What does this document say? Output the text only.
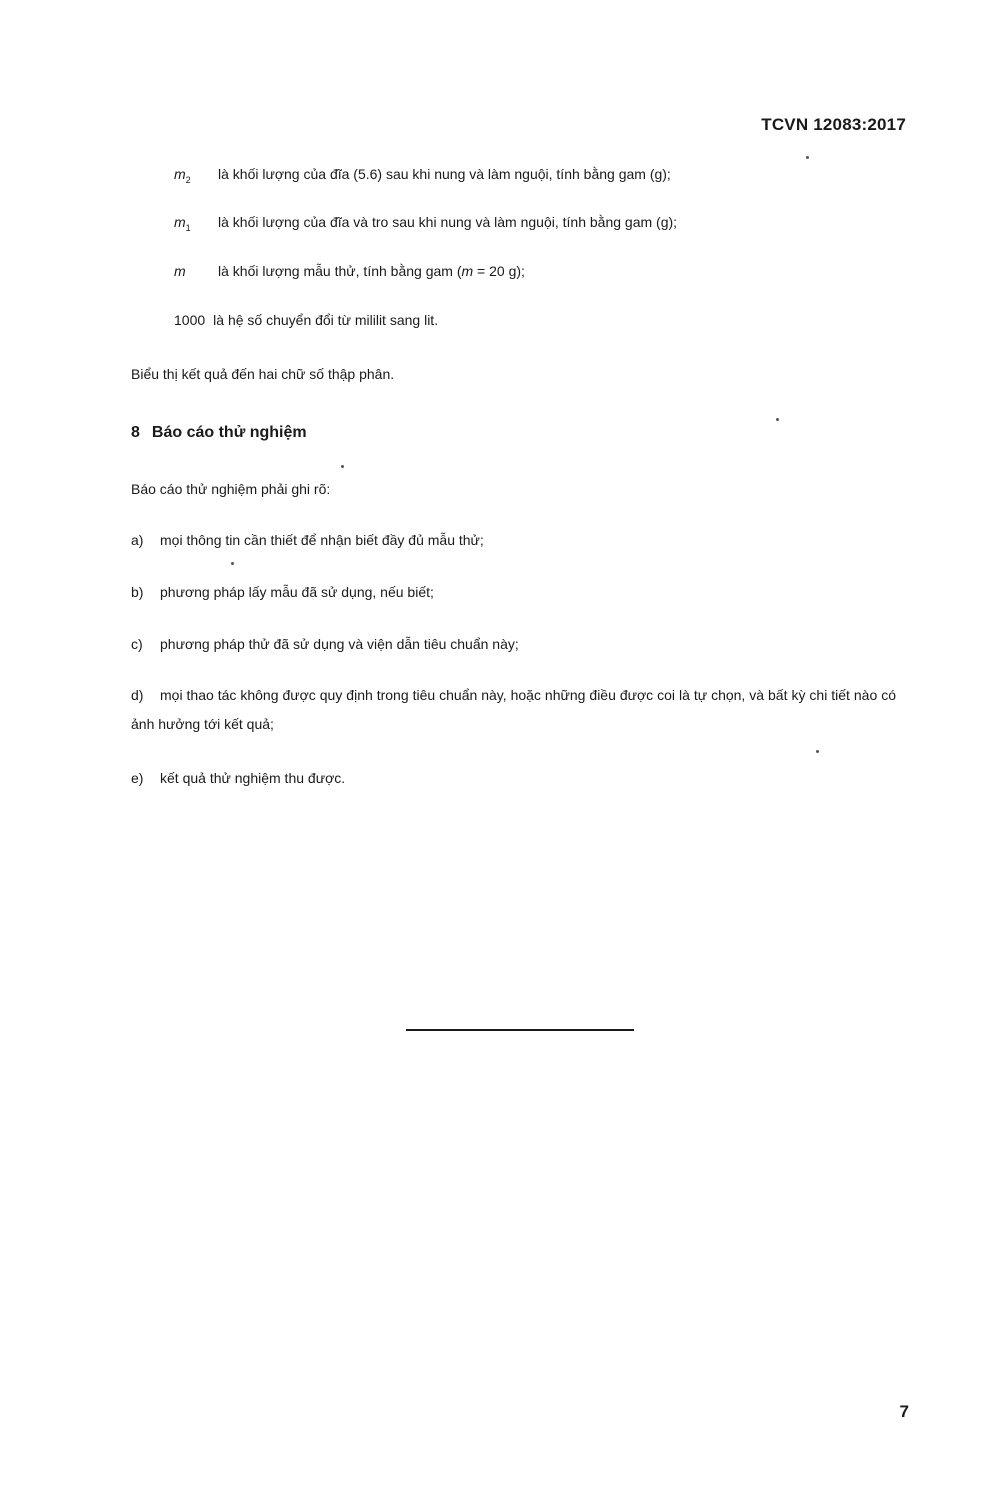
TCVN 12083:2017
$m_2$ là khối lượng của đĩa (5.6) sau khi nung và làm nguội, tính bằng gam (g);
$m_1$ là khối lượng của đĩa và tro sau khi nung và làm nguội, tính bằng gam (g);
m là khối lượng mẫu thử, tính bằng gam (m = 20 g);
1000 là hệ số chuyển đổi từ mililit sang lit.
Biểu thị kết quả đến hai chữ số thập phân.
8 Báo cáo thử nghiệm
Báo cáo thử nghiệm phải ghi rõ:
a) mọi thông tin cần thiết để nhận biết đầy đủ mẫu thử;
b) phương pháp lấy mẫu đã sử dụng, nếu biết;
c) phương pháp thử đã sử dụng và viện dẫn tiêu chuẩn này;
d) mọi thao tác không được quy định trong tiêu chuẩn này, hoặc những điều được coi là tự chọn, và bất kỳ chi tiết nào có ảnh hưởng tới kết quả;
e) kết quả thử nghiệm thu được.
7
